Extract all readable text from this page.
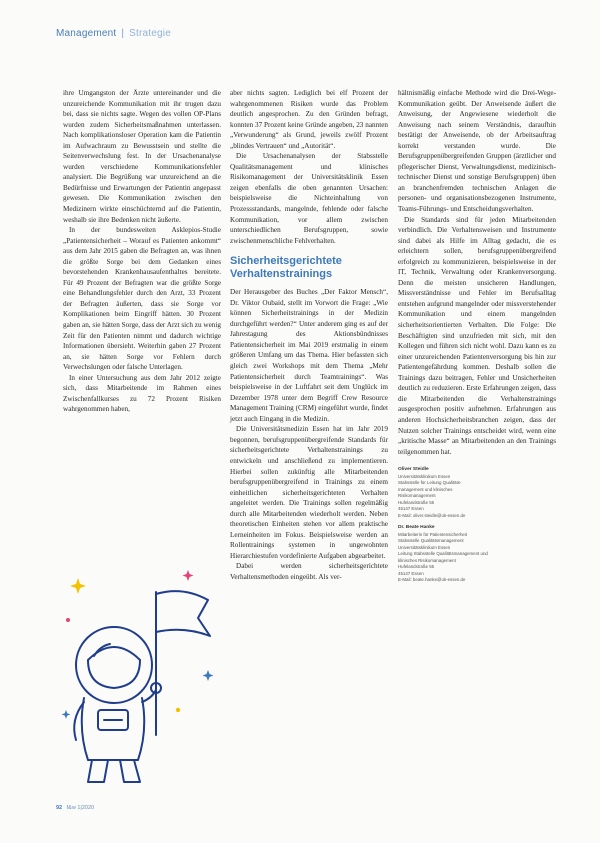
Management | Strategie

ihre Umgangston der Ärzte untereinander und die unzureichende Kommunikation mit ihr trugen dazu bei, dass sie nichts sagte. Wegen des vollen OP-Plans wurden zudem Sicherheitsmaßnahmen unterlassen. Nach komplikationsloser Operation kam die Patientin im Aufwachraum zu Bewusstsein und stellte die Seitenverwechslung fest. In der Ursachenanalyse wurden verschiedene Kommunikationsfehler analysiert. Die Begrüßung war unzureichend an die Bedürfnisse und Erwartungen der Patientin angepasst gewesen. Die Kommunikation zwischen den Medizinern wirkte einschüchternd auf die Patientin, weshalb sie ihre Bedenken nicht äußerte.

In der bundesweiten Asklepios-Studie „Patientensicherheit – Worauf es Patienten ankommt“ aus dem Jahr 2015 gaben die Befragten an, was ihnen die größte Sorge bei dem Gedanken eines bevorstehenden Krankenhausaufenthaltes bereitete. Für 49 Prozent der Befragten war die größte Sorge eine Behandlungsfehler durch den Arzt, 33 Prozent der Befragten äußerten, dass sie Sorge vor Komplikationen beim Eingriff hätten. 30 Prozent gaben an, sie hätten Sorge, dass der Arzt sich zu wenig Zeit für den Patienten nimmt und dadurch wichtige Informationen übersieht. Weiterhin gaben 27 Prozent an, sie hätten Sorge vor Fehlern durch Verwechslungen oder falsche Unterlagen.

In einer Untersuchung aus dem Jahr 2012 zeigte sich, dass Mitarbeitende im Rahmen eines Zwischenfallkurses zu 72 Prozent Risiken wahrgenommen haben,

aber nichts sagten. Lediglich bei elf Prozent der wahrgenommenen Risiken wurde das Problem deutlich angesprochen. Zu den Gründen befragt, konnten 37 Prozent keine Gründe angeben, 23 nannten „Verwunderung“ als Grund, jeweils zwölf Prozent „blindes Vertrauen“ und „Autorität“.

Die Ursachenanalysen der Stabsstelle Qualitätsmanagement und klinisches Risikomanagement der Universitätsklinik Essen zeigen ebenfalls die oben genannten Ursachen: beispielsweise die Nichteinhaltung von Prozessstandards, mangelnde, fehlende oder falsche Kommunikation, vor allem zwischen unterschiedlichen Berufsgruppen, sowie zwischenmenschliche Fehlverhalten.

Sicherheitsgerichtete Verhaltenstrainings

Der Herausgeber des Buches „Der Faktor Mensch“, Dr. Viktor Oubaid, stellt im Vorwort die Frage: „Wie können Sicherheitstrainings in der Medizin durchgeführt werden?“ Unter anderem ging es auf der Jahrestagung des Aktionsbündnisses Patientensicherheit im Mai 2019 erstmalig in einem größeren Umfang um das Thema. Hier befassten sich gleich zwei Workshops mit dem Thema „Mehr Patientensicherheit durch Teamtrainings“. Was beispielsweise in der Luftfahrt seit dem Unglück im Dezember 1978 unter dem Begriff Crew Resource Management Training (CRM) eingeführt wurde, findet jetzt auch Eingang in die Medizin.

Die Universitätsmedizin Essen hat im Jahr 2019 begonnen, berufsgruppenübergreifende Standards für sicherheitsgerichtete Verhaltenstrainings zu entwickeln und anschließend zu implementieren. Hierbei sollen zukünftig alle Mitarbeitenden berufsgruppenübergreifend in Trainings zu einem einheitlichen sicherheitsgerichteten Verhalten angeleitet werden. Die Trainings sollen regelmäßig durch alle Mitarbeitenden wiederholt werden. Neben theoretischen Einheiten stehen vor allem praktische Lerneinheiten im Fokus. Beispielsweise werden an Rollentrainings systemen in ungewohnten Hierarchiestufen vordefinierte Aufgaben abgearbeitet.

Dabei werden sicherheitsgerichtete Verhaltensmethoden eingeübt. Als ver-

hältnismäßig einfache Methode wird die Drei-Wege-Kommunikation geübt. Der Anweisende äußert die Anweisung, der Angewiesene wiederholt die Anweisung nach seinem Verständnis, daraufhin bestätigt der Anweisende, ob der Arbeitsauftrag korrekt verstanden wurde. Die Berufsgruppenübergreifenden Gruppen (ärztlicher und pflegerischer Dienst, Verwaltungsdienst, medizinisch-technischer Dienst und sonstige Berufsgruppen) üben an branchenfremden technischen Anlagen die personen- und organisationsbezogenen Instrumente, Teams-Führungs- und Entscheidungsverhalten.

Die Standards sind für jeden Mitarbeitenden verbindlich. Die Verhaltensweisen und Instrumente sind dabei als Hilfe im Alltag gedacht, die es erleichtern sollen, berufsgruppenübergreifend erfolgreich zu kommunizieren, beispielsweise in der IT, Technik, Verwaltung oder Krankenversorgung. Denn die meisten unsicheren Handlungen, Missverständnisse und Fehler im Berufsalltag entstehen aufgrund mangelnder oder missverstehender Kommunikation und einem mangelnden sicherheitsorientierten Verhalten. Die Folge: Die Beschäftigten sind unzufrieden mit sich, mit den Kollegen und führen sich nicht wohl. Dazu kann es zu einer unzureichenden Patientenversorgung bis hin zur Patientengefährdung kommen. Deshalb sollen die Trainings dazu beitragen, Fehler und Unsicherheiten deutlich zu reduzieren. Erste Erfahrungen zeigen, dass die Mitarbeitenden die Verhaltenstrainings ausgesprochen positiv aufnehmen. Erfahrungen aus anderen Hochsicherheitsbranchen zeigen, dass der Nutzen solcher Trainings entscheidet wird, wenn eine „kritische Masse“ an Mitarbeitenden an den Trainings teilgenommen hat.

Oliver Steidle
Universitätsklinikum Essen
Stabsstelle für Leitung Qualitäts-
management und klinisches
Risikomanagement
Hufelandstraße 55
45147 Essen
E-Mail: oliver.steidle@uk-essen.de
Dr. Beate Hanke
Mitarbeiterin für Patientensicherheit
Stabsstelle Qualitätsmanagement
Universitätsklinikum Essen
Leitung Stabsstelle Qualitätsmanagement und
klinisches Risikomanagement
Hufelandstraße 55
45147 Essen
E-Mail: beate.hanke@uk-essen.de
92 f&w 1|2020
